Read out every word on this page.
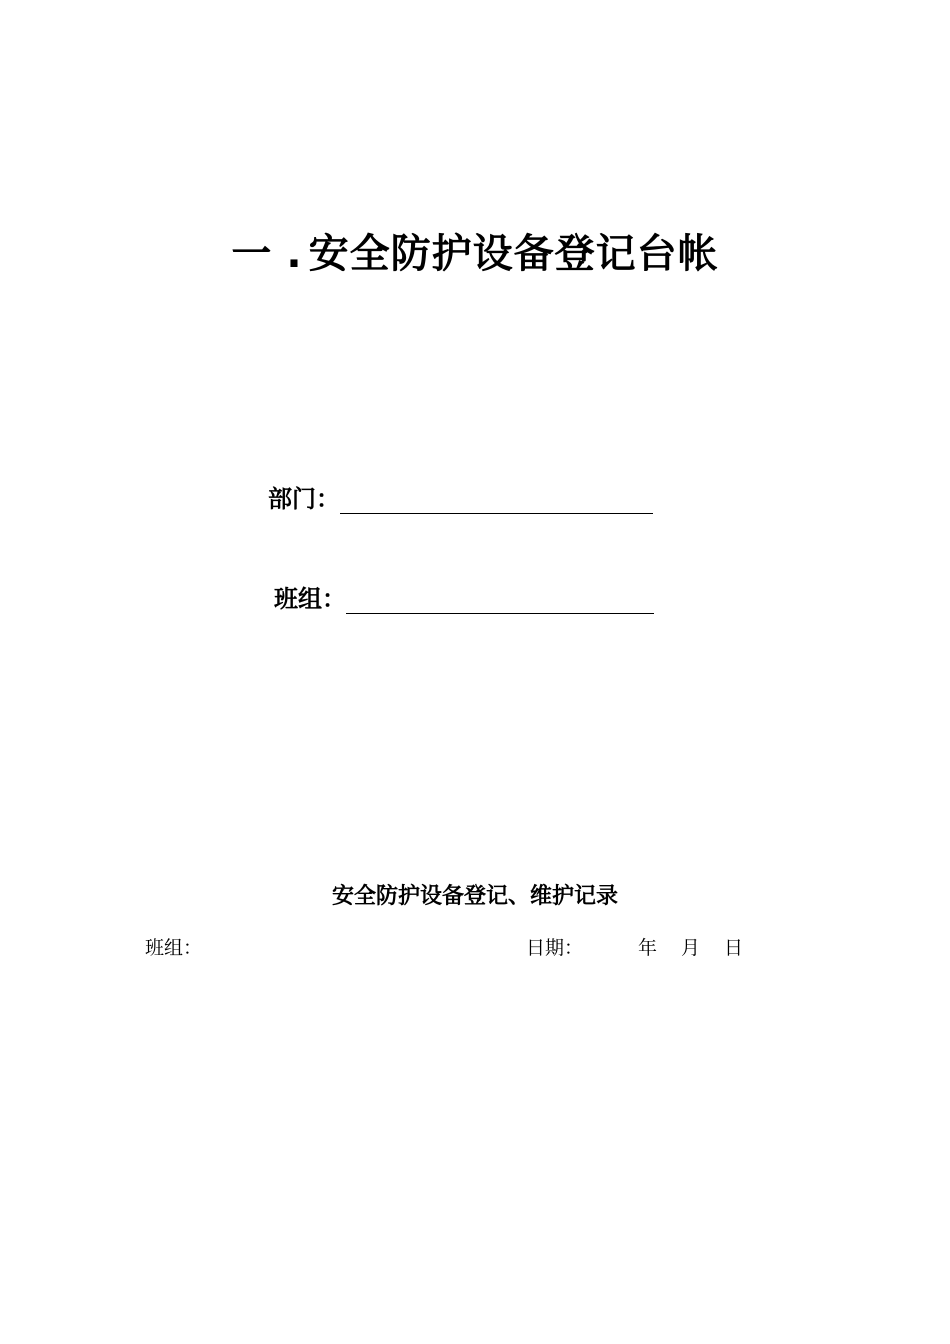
一 . 安全防护设备登记台帐
部门：
班组：
安全防护设备登记、维护记录
班组：	日期：	年 月 日
